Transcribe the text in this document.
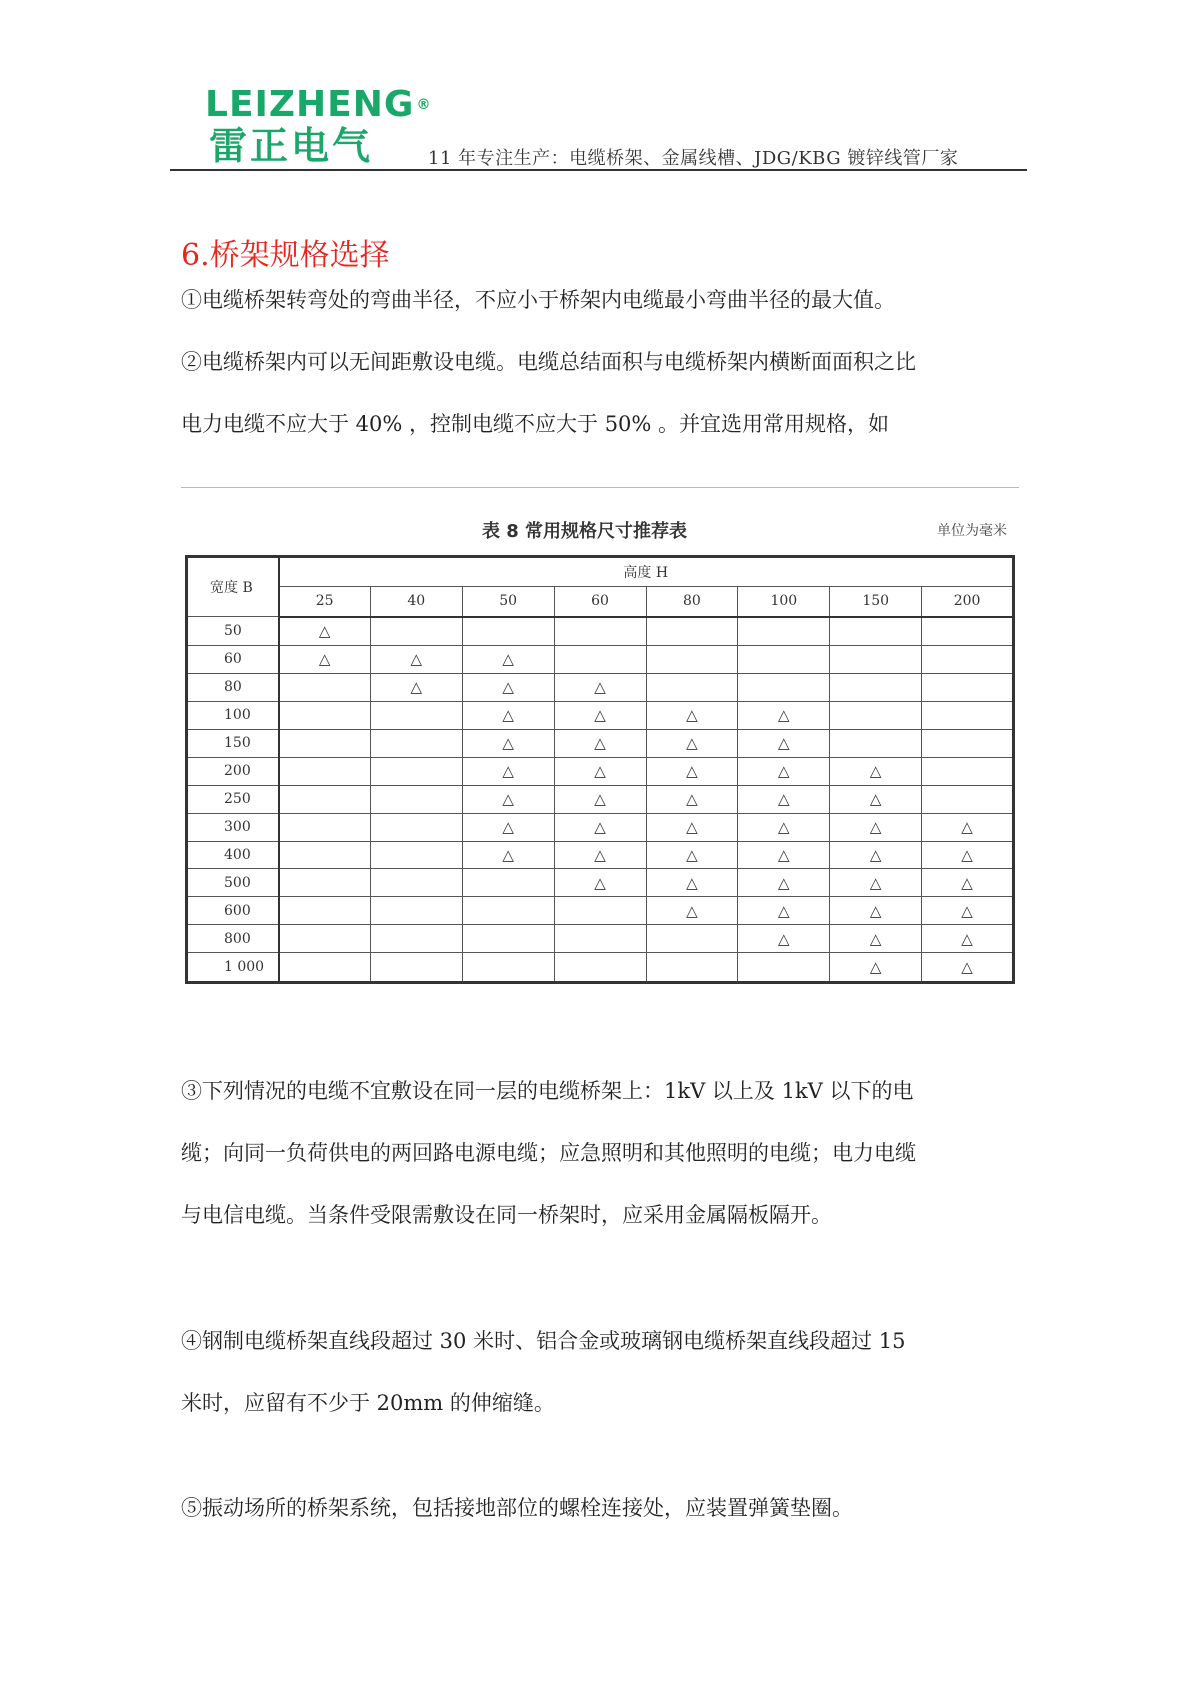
LEIZHENG ®
雷正电气	11 年专注生产：电缆桥架、金属线槽、JDG/KBG 镀锌线管厂家
6.桥架规格选择
①电缆桥架转弯处的弯曲半径，不应小于桥架内电缆最小弯曲半径的最大值。
②电缆桥架内可以无间距敷设电缆。电缆总结面积与电缆桥架内横断面面积之比
电力电缆不应大于 40% ，控制电缆不应大于 50% 。并宜选用常用规格，如
表 8 常用规格尺寸推荐表	单位为毫米
宽度 B	高度 H							
	25	40	50	60	80	100	150	200
50	△							
60	△	△	△					
80		△	△	△				
100			△	△	△	△		
150			△	△	△	△		
200			△	△	△	△	△	
250			△	△	△	△	△	
300			△	△	△	△	△	△
400			△	△	△	△	△	△
500				△	△	△	△	△
600					△	△	△	△
800						△	△	△
1 000							△	△
③下列情况的电缆不宜敷设在同一层的电缆桥架上：1kV 以上及 1kV 以下的电
缆；向同一负荷供电的两回路电源电缆；应急照明和其他照明的电缆；电力电缆
与电信电缆。当条件受限需敷设在同一桥架时，应采用金属隔板隔开。
④钢制电缆桥架直线段超过 30 米时、铝合金或玻璃钢电缆桥架直线段超过 15
米时，应留有不少于 20mm 的伸缩缝。
⑤振动场所的桥架系统，包括接地部位的螺栓连接处，应装置弹簧垫圈。
